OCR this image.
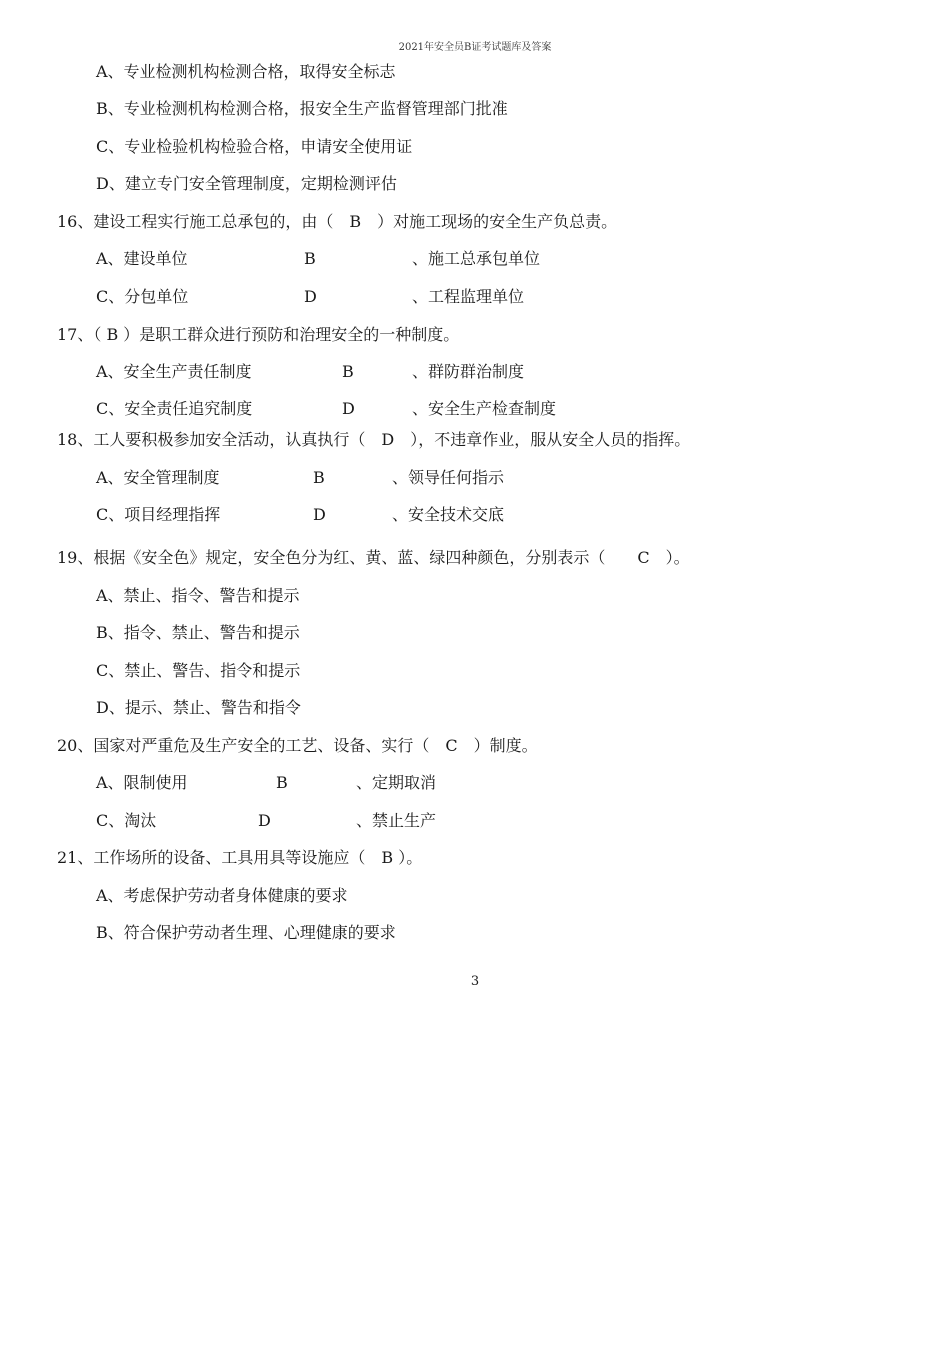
2021年安全员B证考试题库及答案
A、专业检测机构检测合格，取得安全标志
B、专业检测机构检测合格，报安全生产监督管理部门批准
C、专业检验机构检验合格，申请安全使用证
D、建立专门安全管理制度，定期检测评估
16、建设工程实行施工总承包的，由（　B　）对施工现场的安全生产负总责。
A、建设单位	B	、施工总承包单位
C、分包单位	D	、工程监理单位
17、（ B ）是职工群众进行预防和治理安全的一种制度。
A、安全生产责任制度	B	、群防群治制度
C、安全责任追究制度	D	、安全生产检查制度
18、工人要积极参加安全活动，认真执行（　D　），不违章作业，服从安全人员的指挥。
A、安全管理制度	B	、领导任何指示
C、项目经理指挥	D	、安全技术交底
19、根据《安全色》规定，安全色分为红、黄、蓝、绿四种颜色，分别表示（　　C　）。
A、禁止、指令、警告和提示
B、指令、禁止、警告和提示
C、禁止、警告、指令和提示
D、提示、禁止、警告和指令
20、国家对严重危及生产安全的工艺、设备、实行（　C　）制度。
A、限制使用	B	、定期取消
C、淘汰	D	、禁止生产
21、工作场所的设备、工具用具等设施应（　B ）。
A、考虑保护劳动者身体健康的要求
B、符合保护劳动者生理、心理健康的要求
3
